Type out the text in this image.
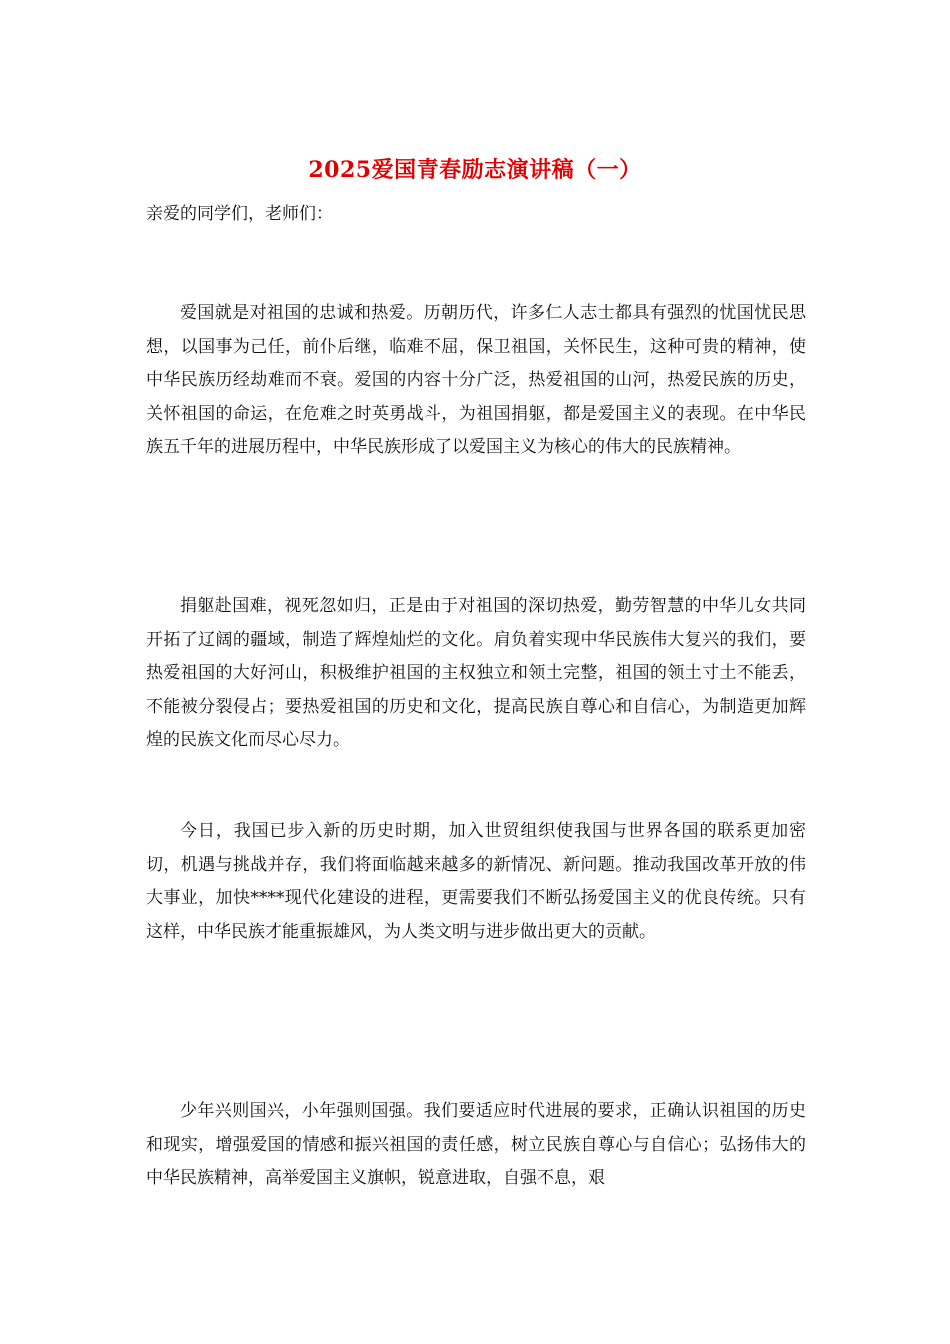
2025爱国青春励志演讲稿（一）
亲爱的同学们，老师们：

爱国就是对祖国的忠诚和热爱。历朝历代，许多仁人志士都具有强烈的忧国忧民思想，以国事为己任，前仆后继，临难不屈，保卫祖国，关怀民生，这种可贵的精神，使中华民族历经劫难而不衰。爱国的内容十分广泛，热爱祖国的山河，热爱民族的历史，关怀祖国的命运，在危难之时英勇战斗，为祖国捐躯，都是爱国主义的表现。在中华民族五千年的进展历程中，中华民族形成了以爱国主义为核心的伟大的民族精神。

捐躯赴国难，视死忽如归，正是由于对祖国的深切热爱，勤劳智慧的中华儿女共同开拓了辽阔的疆域，制造了辉煌灿烂的文化。肩负着实现中华民族伟大复兴的我们，要热爱祖国的大好河山，积极维护祖国的主权独立和领土完整，祖国的领土寸土不能丢，不能被分裂侵占；要热爱祖国的历史和文化，提高民族自尊心和自信心，为制造更加辉煌的民族文化而尽心尽力。

今日，我国已步入新的历史时期，加入世贸组织使我国与世界各国的联系更加密切，机遇与挑战并存，我们将面临越来越多的新情况、新问题。推动我国改革开放的伟大事业，加快****现代化建设的进程，更需要我们不断弘扬爱国主义的优良传统。只有这样，中华民族才能重振雄风，为人类文明与进步做出更大的贡献。

少年兴则国兴，小年强则国强。我们要适应时代进展的要求，正确认识祖国的历史和现实，增强爱国的情感和振兴祖国的责任感，树立民族自尊心与自信心；弘扬伟大的中华民族精神，高举爱国主义旗帜，锐意进取，自强不息，艰
